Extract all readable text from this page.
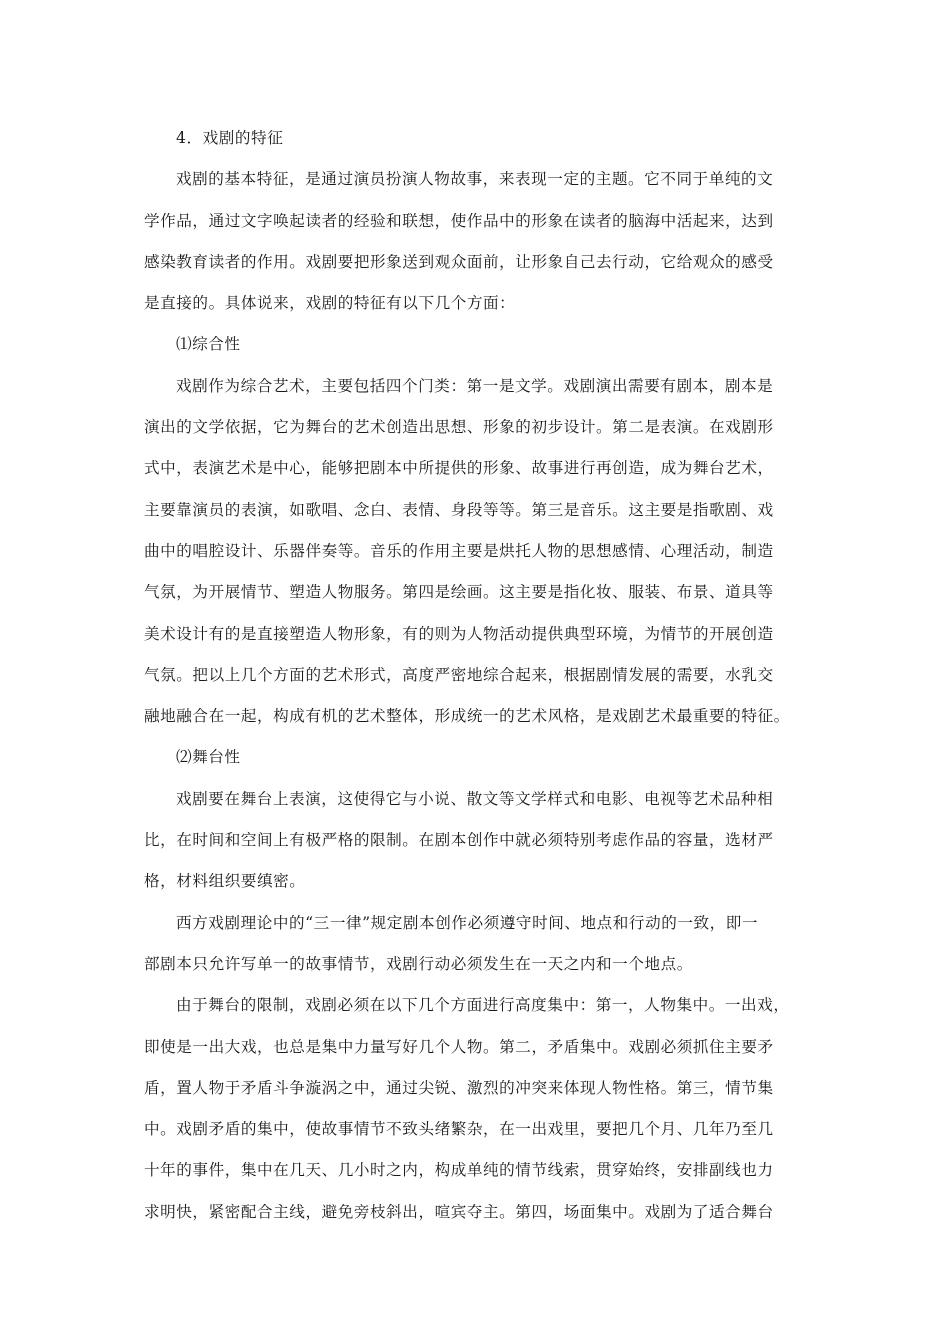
4．戏剧的特征
戏剧的基本特征，是通过演员扮演人物故事，来表现一定的主题。它不同于单纯的文
学作品，通过文字唤起读者的经验和联想，使作品中的形象在读者的脑海中活起来，达到
感染教育读者的作用。戏剧要把形象送到观众面前，让形象自己去行动，它给观众的感受
是直接的。具体说来，戏剧的特征有以下几个方面：
⑴综合性
戏剧作为综合艺术，主要包括四个门类：第一是文学。戏剧演出需要有剧本，剧本是
演出的文学依据，它为舞台的艺术创造出思想、形象的初步设计。第二是表演。在戏剧形
式中，表演艺术是中心，能够把剧本中所提供的形象、故事进行再创造，成为舞台艺术，
主要靠演员的表演，如歌唱、念白、表情、身段等等。第三是音乐。这主要是指歌剧、戏
曲中的唱腔设计、乐器伴奏等。音乐的作用主要是烘托人物的思想感情、心理活动，制造
气氛，为开展情节、塑造人物服务。第四是绘画。这主要是指化妆、服装、布景、道具等
美术设计有的是直接塑造人物形象，有的则为人物活动提供典型环境，为情节的开展创造
气氛。把以上几个方面的艺术形式，高度严密地综合起来，根据剧情发展的需要，水乳交
融地融合在一起，构成有机的艺术整体，形成统一的艺术风格，是戏剧艺术最重要的特征。
⑵舞台性
戏剧要在舞台上表演，这使得它与小说、散文等文学样式和电影、电视等艺术品种相
比，在时间和空间上有极严格的限制。在剧本创作中就必须特别考虑作品的容量，选材严
格，材料组织要缜密。
西方戏剧理论中的“三一律”规定剧本创作必须遵守时间、地点和行动的一致，即一
部剧本只允许写单一的故事情节，戏剧行动必须发生在一天之内和一个地点。
由于舞台的限制，戏剧必须在以下几个方面进行高度集中：第一，人物集中。一出戏，
即使是一出大戏，也总是集中力量写好几个人物。第二，矛盾集中。戏剧必须抓住主要矛
盾，置人物于矛盾斗争漩涡之中，通过尖锐、激烈的冲突来体现人物性格。第三，情节集
中。戏剧矛盾的集中，使故事情节不致头绪繁杂，在一出戏里，要把几个月、几年乃至几
十年的事件，集中在几天、几小时之内，构成单纯的情节线索，贯穿始终，安排副线也力
求明快，紧密配合主线，避免旁枝斜出，喧宾夺主。第四，场面集中。戏剧为了适合舞台
